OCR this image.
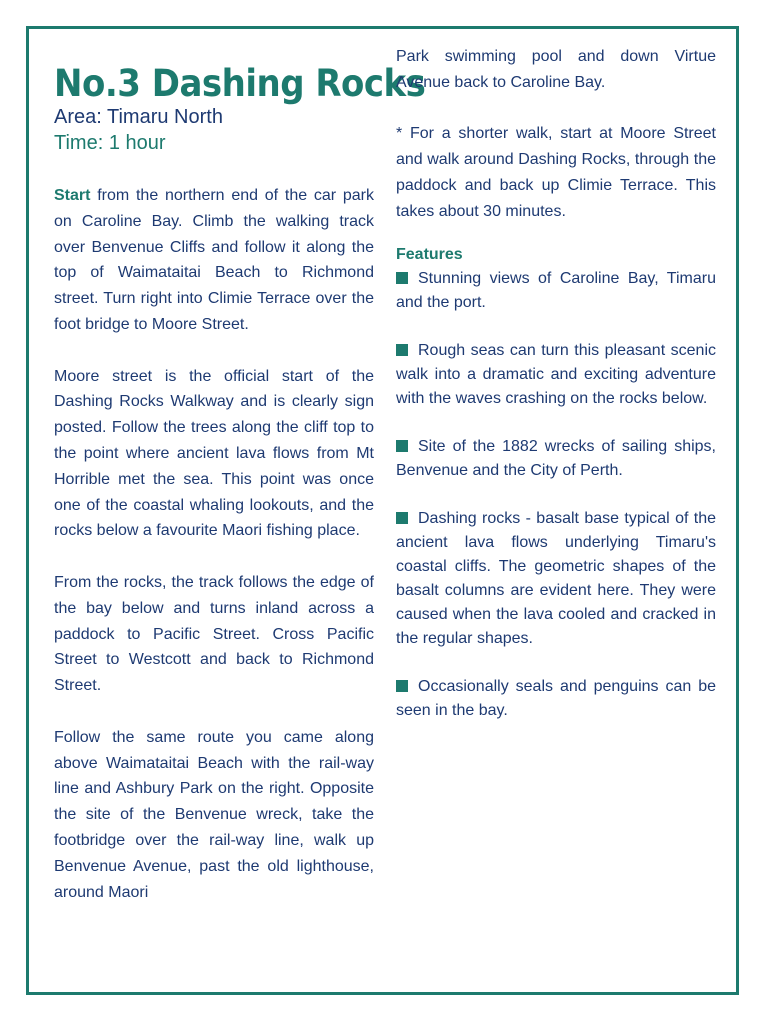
No.3 Dashing Rocks
Area: Timaru North
Time: 1 hour

Start from the northern end of the car park on Caroline Bay. Climb the walking track over Benvenue Cliffs and follow it along the top of Waimataitai Beach to Richmond street. Turn right into Climie Terrace over the foot bridge to Moore Street.

Moore street is the official start of the Dashing Rocks Walkway and is clearly sign posted. Follow the trees along the cliff top to the point where ancient lava flows from Mt Horrible met the sea. This point was once one of the coastal whaling lookouts, and the rocks below a favourite Maori fishing place.

From the rocks, the track follows the edge of the bay below and turns inland across a paddock to Pacific Street. Cross Pacific Street to Westcott and back to Richmond Street.

Follow the same route you came along above Waimataitai Beach with the rail-way line and Ashbury Park on the right. Opposite the site of the Benvenue wreck, take the footbridge over the rail-way line, walk up Benvenue Avenue, past the old lighthouse, around Maori

Park swimming pool and down Virtue Avenue back to Caroline Bay.

* For a shorter walk, start at Moore Street and walk around Dashing Rocks, through the paddock and back up Climie Terrace. This takes about 30 minutes.

Features

Stunning views of Caroline Bay, Timaru and the port.

Rough seas can turn this pleasant scenic walk into a dramatic and exciting adventure with the waves crashing on the rocks below.

Site of the 1882 wrecks of sailing ships, Benvenue and the City of Perth.

Dashing rocks - basalt base typical of the ancient lava flows underlying Timaru's coastal cliffs. The geometric shapes of the basalt columns are evident here. They were caused when the lava cooled and cracked in the regular shapes.

Occasionally seals and penguins can be seen in the bay.
